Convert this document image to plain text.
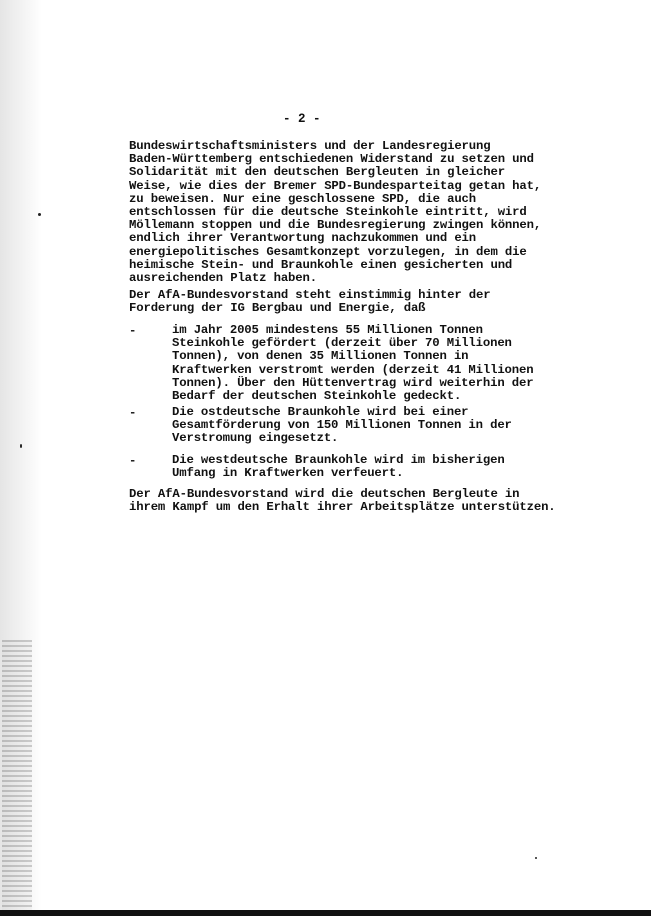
- 2 -
Bundeswirtschaftsministers und der Landesregierung
Baden-Württemberg entschiedenen Widerstand zu setzen und
Solidarität mit den deutschen Bergleuten in gleicher
Weise, wie dies der Bremer SPD-Bundesparteitag getan hat,
zu beweisen. Nur eine geschlossene SPD, die auch
entschlossen für die deutsche Steinkohle eintritt, wird
Möllemann stoppen und die Bundesregierung zwingen können,
endlich ihrer Verantwortung nachzukommen und ein
energiepolitisches Gesamtkonzept vorzulegen, in dem die
heimische Stein- und Braunkohle einen gesicherten und
ausreichenden Platz haben.
Der AfA-Bundesvorstand steht einstimmig hinter der
Forderung der IG Bergbau und Energie, daß
-	im Jahr 2005 mindestens 55 Millionen Tonnen
Steinkohle gefördert (derzeit über 70 Millionen
Tonnen), von denen 35 Millionen Tonnen in
Kraftwerken verstromt werden (derzeit 41 Millionen
Tonnen). Über den Hüttenvertrag wird weiterhin der
Bedarf der deutschen Steinkohle gedeckt.
-	Die ostdeutsche Braunkohle wird bei einer
Gesamtförderung von 150 Millionen Tonnen in der
Verstromung eingesetzt.
-	Die westdeutsche Braunkohle wird im bisherigen
Umfang in Kraftwerken verfeuert.
Der AfA-Bundesvorstand wird die deutschen Bergleute in
ihrem Kampf um den Erhalt ihrer Arbeitsplätze unterstützen.
